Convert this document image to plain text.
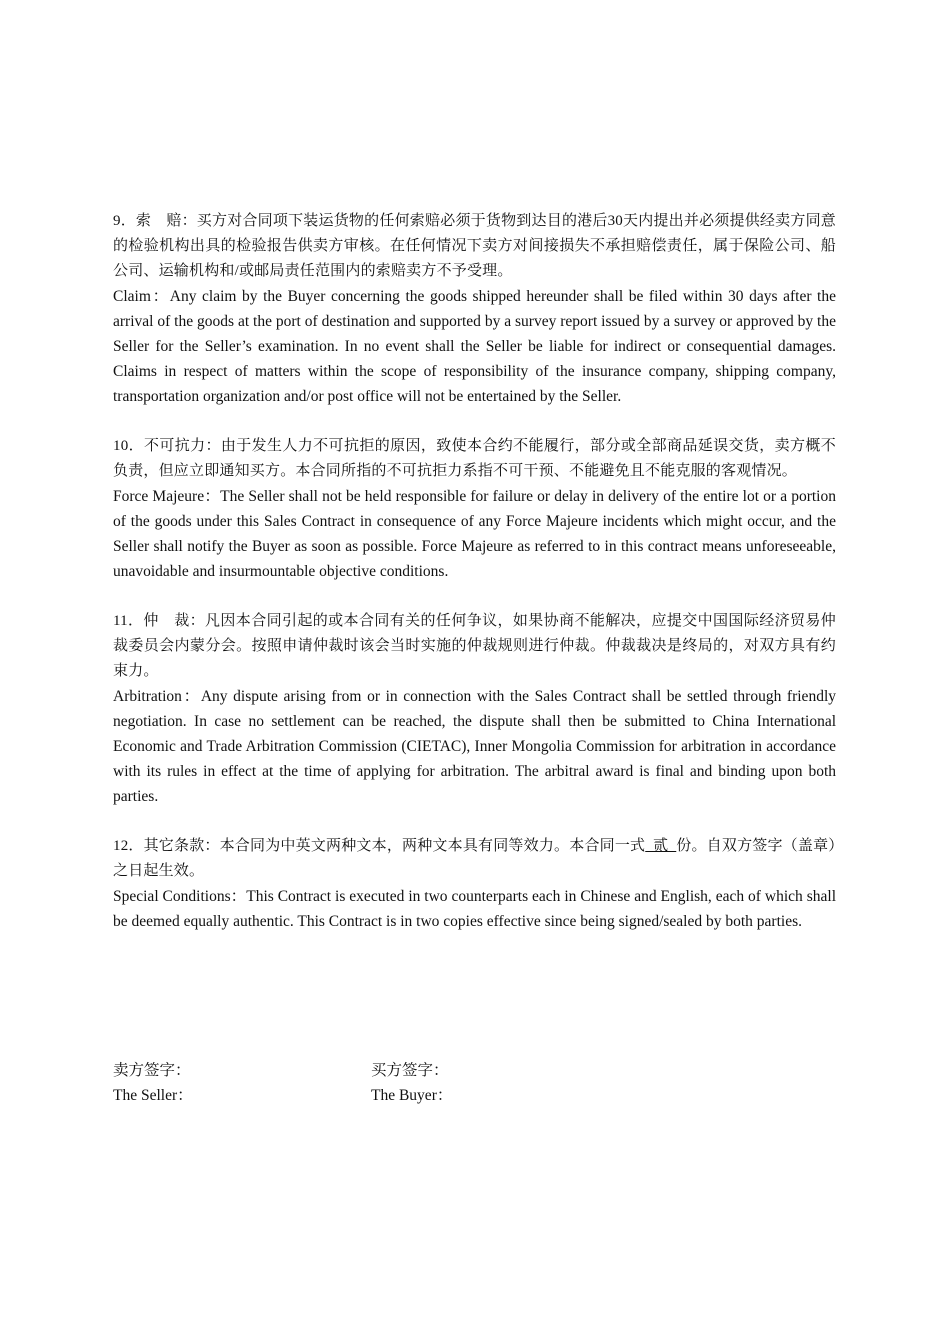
9．索　赔：买方对合同项下装运货物的任何索赔必须于货物到达目的港后30天内提出并必须提供经卖方同意的检验机构出具的检验报告供卖方审核。在任何情况下卖方对间接损失不承担赔偿责任，属于保险公司、船公司、运输机构和/或邮局责任范围内的索赔卖方不予受理。

Claim：Any claim by the Buyer concerning the goods shipped hereunder shall be filed within 30 days after the arrival of the goods at the port of destination and supported by a survey report issued by a survey or approved by the Seller for the Seller’s examination. In no event shall the Seller be liable for indirect or consequential damages. Claims in respect of matters within the scope of responsibility of the insurance company, shipping company, transportation organization and/or post office will not be entertained by the Seller.

10．不可抗力：由于发生人力不可抗拒的原因，致使本合约不能履行，部分或全部商品延误交货，卖方概不负责，但应立即通知买方。本合同所指的不可抗拒力系指不可干预、不能避免且不能克服的客观情况。

Force Majeure：The Seller shall not be held responsible for failure or delay in delivery of the entire lot or a portion of the goods under this Sales Contract in consequence of any Force Majeure incidents which might occur, and the Seller shall notify the Buyer as soon as possible. Force Majeure as referred to in this contract means unforeseeable, unavoidable and insurmountable objective conditions.

11．仲　裁：凡因本合同引起的或本合同有关的任何争议，如果协商不能解决，应提交中国国际经济贸易仲裁委员会内蒙分会。按照申请仲裁时该会当时实施的仲裁规则进行仲裁。仲裁裁决是终局的，对双方具有约束力。

Arbitration：Any dispute arising from or in connection with the Sales Contract shall be settled through friendly negotiation. In case no settlement can be reached, the dispute shall then be submitted to China International Economic and Trade Arbitration Commission (CIETAC), Inner Mongolia Commission for arbitration in accordance with its rules in effect at the time of applying for arbitration. The arbitral award is final and binding upon both parties.

12．其它条款：本合同为中英文两种文本，两种文本具有同等效力。本合同一式  贰  份。自双方签字（盖章）之日起生效。

Special Conditions：This Contract is executed in two counterparts each in Chinese and English, each of which shall be deemed equally authentic. This Contract is in two copies effective since being signed/sealed by both parties.

卖方签字：	买方签字：
The Seller：	The Buyer：
